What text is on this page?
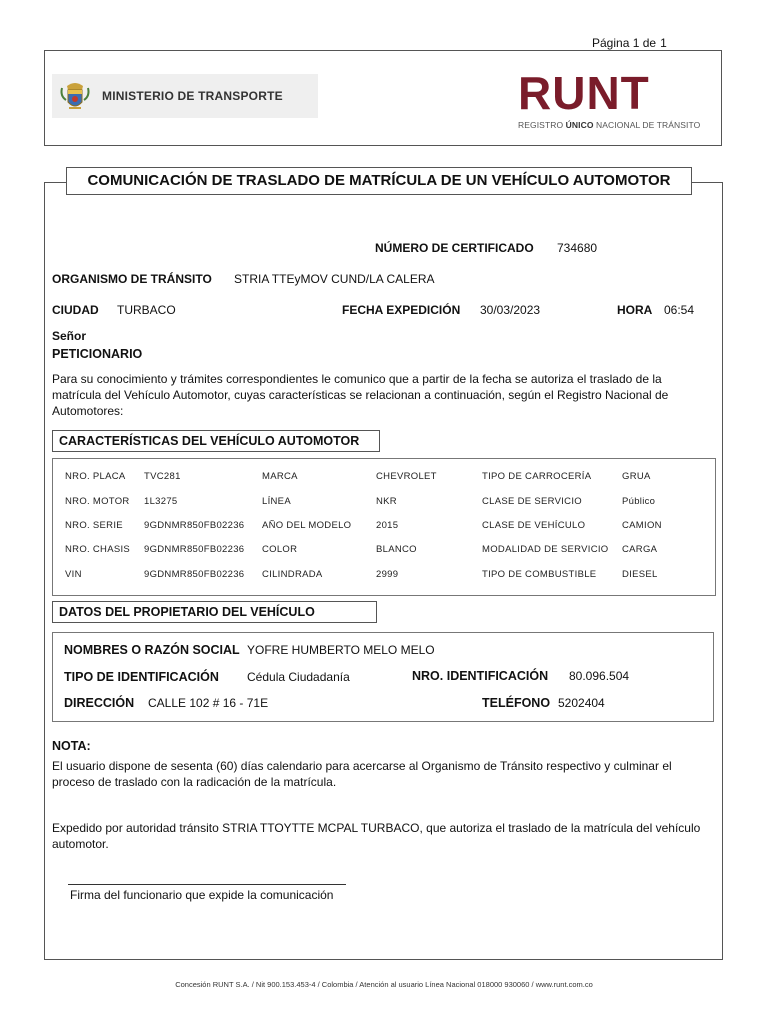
Página 1 de 1
MINISTERIO DE TRANSPORTE	RUNT
REGISTRO ÚNICO NACIONAL DE TRÁNSITO
COMUNICACIÓN DE TRASLADO DE MATRÍCULA DE UN VEHÍCULO AUTOMOTOR
NÚMERO DE CERTIFICADO 734680
ORGANISMO DE TRÁNSITO STRIA TTEyMOV CUND/LA CALERA
CIUDAD TURBACO	FECHA EXPEDICIÓN 30/03/2023	HORA 06:54
Señor
PETICIONARIO
Para su conocimiento y trámites correspondientes le comunico que a partir de la fecha se autoriza el traslado de la matrícula del Vehículo Automotor, cuyas características se relacionan a continuación, según el Registro Nacional de Automotores:
CARACTERÍSTICAS DEL VEHÍCULO AUTOMOTOR
NRO. PLACA TVC281	MARCA	CHEVROLET	TIPO DE CARROCERÍA	GRUA
NRO. MOTOR 1L3275	LÍNEA	NKR	CLASE DE SERVICIO	Público
NRO. SERIE 9GDNMR850FB02236 AÑO DEL MODELO	2015	CLASE DE VEHÍCULO	CAMION
NRO. CHASIS 9GDNMR850FB02236 COLOR	BLANCO	MODALIDAD DE SERVICIO CARGA
VIN	9GDNMR850FB02236 CILINDRADA	2999	TIPO DE COMBUSTIBLE	DIESEL
DATOS DEL PROPIETARIO DEL VEHÍCULO
NOMBRES O RAZÓN SOCIAL YOFRE HUMBERTO MELO MELO
TIPO DE IDENTIFICACIÓN Cédula Ciudadanía	NRO. IDENTIFICACIÓN 80.096.504
DIRECCIÓN CALLE 102 # 16 - 71E	TELÉFONO 5202404
NOTA:
El usuario dispone de sesenta (60) días calendario para acercarse al Organismo de Tránsito respectivo y culminar el proceso de traslado con la radicación de la matrícula.
Expedido por autoridad tránsito STRIA TTOYTTE MCPAL TURBACO, que autoriza el traslado de la matrícula del vehículo automotor.
Firma del funcionario que expide la comunicación
Concesión RUNT S.A. / Nit 900.153.453-4 / Colombia / Atención al usuario Línea Nacional 018000 930060 / www.runt.com.co
